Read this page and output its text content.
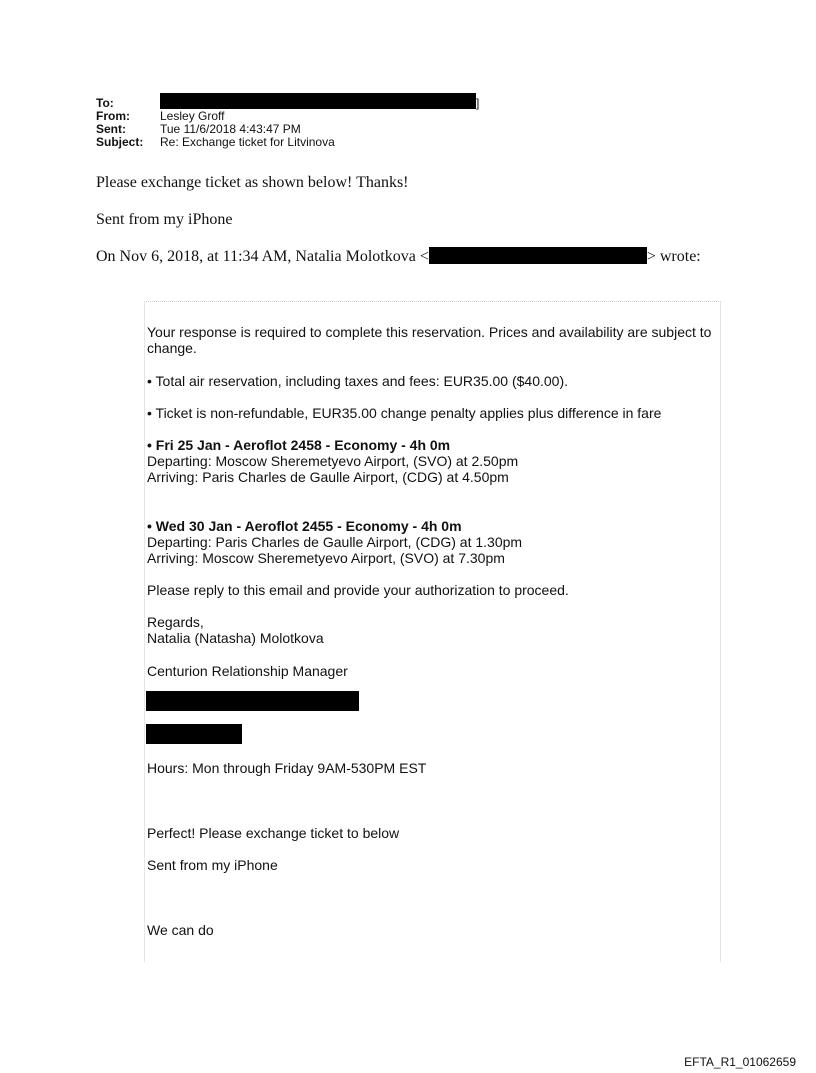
To:	]
From:	Lesley Groff
Sent:	Tue 11/6/2018 4:43:47 PM
Subject:	Re: Exchange ticket for Litvinova
Please exchange ticket as shown below! Thanks!
Sent from my iPhone
On Nov 6, 2018, at 11:34 AM, Natalia Molotkova <	> wrote:
Your response is required to complete this reservation. Prices and availability are subject to
change.
• Total air reservation, including taxes and fees: EUR35.00 ($40.00).
• Ticket is non-refundable, EUR35.00 change penalty applies plus difference in fare
• Fri 25 Jan - Aeroflot 2458 - Economy - 4h 0m
Departing: Moscow Sheremetyevo Airport, (SVO) at 2.50pm
Arriving: Paris Charles de Gaulle Airport, (CDG) at 4.50pm
• Wed 30 Jan - Aeroflot 2455 - Economy - 4h 0m
Departing: Paris Charles de Gaulle Airport, (CDG) at 1.30pm
Arriving: Moscow Sheremetyevo Airport, (SVO) at 7.30pm
Please reply to this email and provide your authorization to proceed.
Regards,
Natalia (Natasha) Molotkova
Centurion Relationship Manager
Hours: Mon through Friday 9AM-530PM EST
Perfect! Please exchange ticket to below
Sent from my iPhone
We can do
EFTA_R1_01062659
